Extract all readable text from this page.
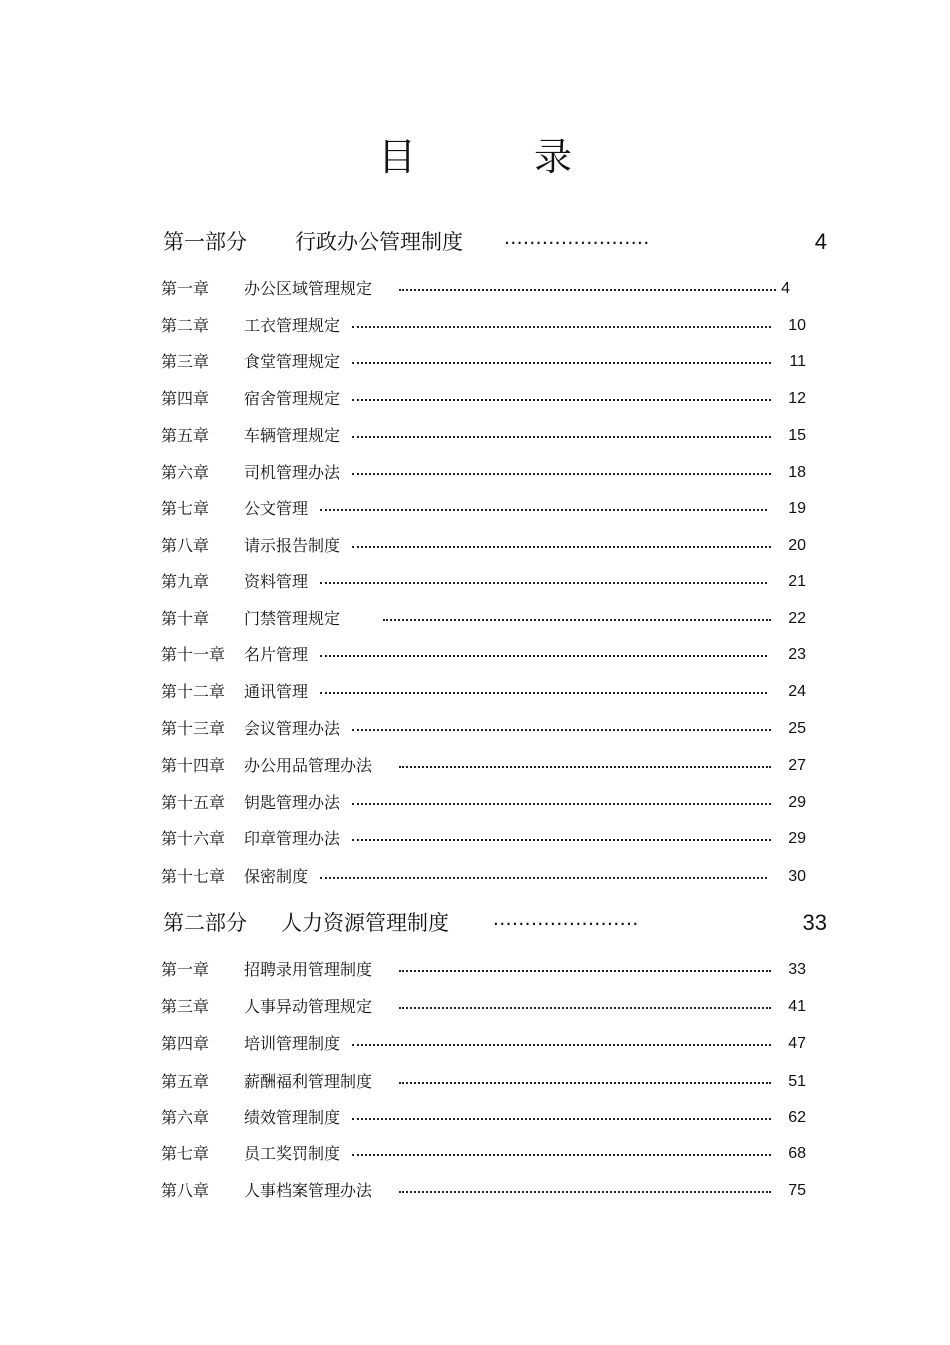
目　录
第一部分 行政办公管理制度 .......................	4
第一章 办公区域管理规定	4
第二章 工衣管理规定	10
第三章 食堂管理规定	11
第四章 宿舍管理规定	12
第五章 车辆管理规定	15
第六章 司机管理办法	18
第七章 公文管理	19
第八章 请示报告制度	20
第九章 资料管理	21
第十章 门禁管理规定	22
第十一章 名片管理	23
第十二章 通讯管理	24
第十三章 会议管理办法	25
第十四章 办公用品管理办法	27
第十五章 钥匙管理办法	29
第十六章 印章管理办法	29
第十七章 保密制度	30
第二部分 人力资源管理制度 .......................	33
第一章 招聘录用管理制度	33
第三章 人事异动管理规定	41
第四章 培训管理制度	47
第五章 薪酬福利管理制度	51
第六章 绩效管理制度	62
第七章 员工奖罚制度	68
第八章 人事档案管理办法	75
